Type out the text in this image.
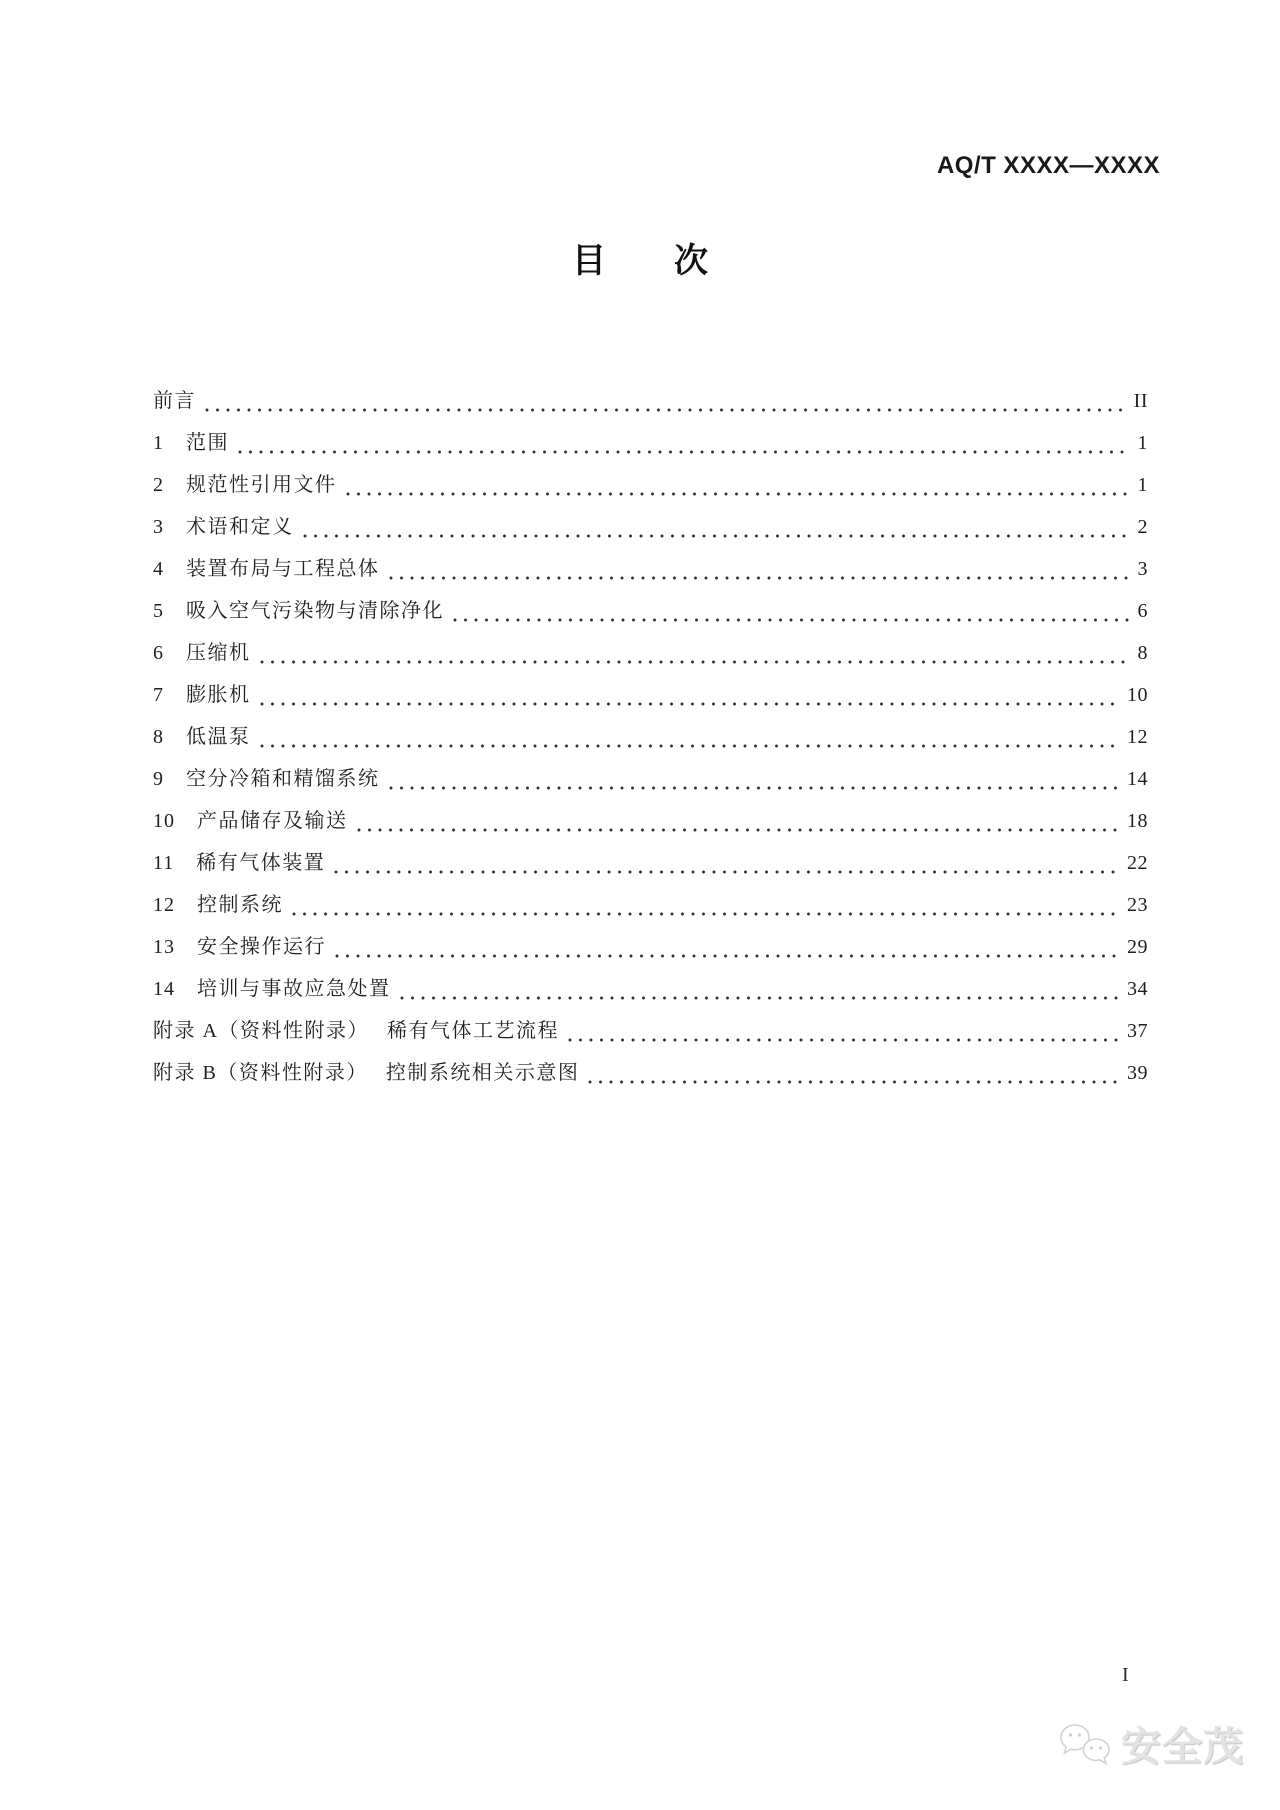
AQ/T XXXX—XXXX
目　　次
前言	II
1 范围	1
2 规范性引用文件	1
3 术语和定义	2
4 装置布局与工程总体	3
5 吸入空气污染物与清除净化	6
6 压缩机	8
7 膨胀机	10
8 低温泵	12
9 空分冷箱和精馏系统	14
10 产品储存及输送	18
11 稀有气体装置	22
12 控制系统	23
13 安全操作运行	29
14 培训与事故应急处置	34
附录 A（资料性附录）　 稀有气体工艺流程	37
附录 B（资料性附录）　 控制系统相关示意图	39
I
安全茂
